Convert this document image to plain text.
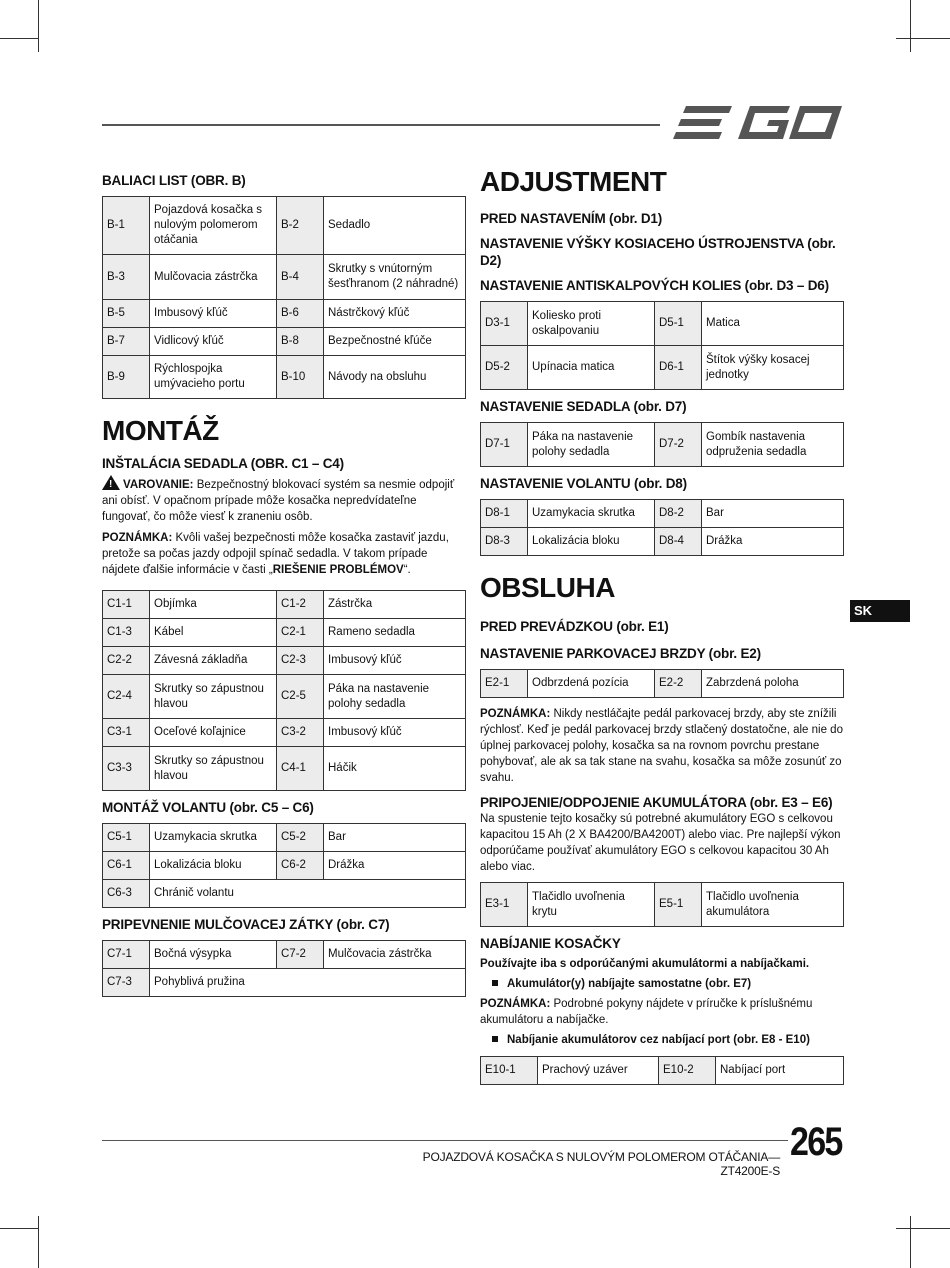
BALIACI LIST (OBR. B)
B-1	Pojazdová kosačka s nulovým polomerom otáčania	B-2	Sedadlo
B-3	Mulčovacia zástrčka	B-4	Skrutky s vnútorným šesťhranom (2 náhradné)
B-5	Imbusový kľúč	B-6	Nástrčkový kľúč
B-7	Vidlicový kľúč	B-8	Bezpečnostné kľúče
B-9	Rýchlospojka umývacieho portu	B-10	Návody na obsluhu
MONTÁŽ
INŠTALÁCIA SEDADLA (OBR. C1 – C4)

! VAROVANIE: Bezpečnostný blokovací systém sa nesmie odpojiť ani obísť. V opačnom prípade môže kosačka nepredvídateľne fungovať, čo môže viesť k zraneniu osôb.

POZNÁMKA: Kvôli vašej bezpečnosti môže kosačka zastaviť jazdu, pretože sa počas jazdy odpojil spínač sedadla. V takom prípade nájdete ďalšie informácie v časti „RIEŠENIE PROBLÉMOV“.

C1-1	Objímka	C1-2	Zástrčka
C1-3	Kábel	C2-1	Rameno sedadla
C2-2	Závesná základňa	C2-3	Imbusový kľúč
C2-4	Skrutky so zápustnou hlavou	C2-5	Páka na nastavenie polohy sedadla
C3-1	Oceľové koľajnice	C3-2	Imbusový kľúč
C3-3	Skrutky so zápustnou hlavou	C4-1	Háčik
MONTÁŽ VOLANTU (obr. C5 – C6)
C5-1	Uzamykacia skrutka	C5-2	Bar
C6-1	Lokalizácia bloku	C6-2	Drážka
C6-3	Chránič volantu		
PRIPEVNENIE MULČOVACEJ ZÁTKY (obr. C7)
C7-1	Bočná výsypka	C7-2	Mulčovacia zástrčka
C7-3	Pohyblivá pružina		
ADJUSTMENT
PRED NASTAVENÍM (obr. D1)
NASTAVENIE VÝŠKY KOSIACEHO ÚSTROJENSTVA (obr. D2)
NASTAVENIE ANTISKALPOVÝCH KOLIES (obr. D3 – D6)
D3-1	Koliesko proti oskalpovaniu	D5-1	Matica
D5-2	Upínacia matica	D6-1	Štítok výšky kosacej jednotky
NASTAVENIE SEDADLA (obr. D7)
D7-1	Páka na nastavenie polohy sedadla	D7-2	Gombík nastavenia odpruženia sedadla
NASTAVENIE VOLANTU (obr. D8)
D8-1	Uzamykacia skrutka	D8-2	Bar
D8-3	Lokalizácia bloku	D8-4	Drážka
OBSLUHA
PRED PREVÁDZKOU (obr. E1)
NASTAVENIE PARKOVACEJ BRZDY (obr. E2)
E2-1	Odbrzdená pozícia	E2-2	Zabrzdená poloha

POZNÁMKA: Nikdy nestláčajte pedál parkovacej brzdy, aby ste znížili rýchlosť. Keď je pedál parkovacej brzdy stlačený dostatočne, ale nie do úplnej parkovacej polohy, kosačka sa na rovnom povrchu prestane pohybovať, ale ak sa tak stane na svahu, kosačka sa môže zosunúť zo svahu.

PRIPOJENIE/ODPOJENIE AKUMULÁTORA (obr. E3 – E6)

Na spustenie tejto kosačky sú potrebné akumulátory EGO s celkovou kapacitou 15 Ah (2 X BA4200/BA4200T) alebo viac. Pre najlepší výkon odporúčame používať akumulátory EGO s celkovou kapacitou 30 Ah alebo viac.

E3-1	Tlačidlo uvoľnenia krytu	E5-1	Tlačidlo uvoľnenia akumulátora
NABÍJANIE KOSAČKY

Používajte iba s odporúčanými akumulátormi a nabíjačkami.

Akumulátor(y) nabíjajte samostatne (obr. E7)

POZNÁMKA: Podrobné pokyny nájdete v príručke k príslušnému akumulátoru a nabíjačke.

Nabíjanie akumulátorov cez nabíjací port (obr. E8 - E10)

E10-1	Prachový uzáver	E10-2	Nabíjací port
SK
POJAZDOVÁ KOSAČKA S NULOVÝM POLOMEROM OTÁČANIA— ZT4200E-S
265
